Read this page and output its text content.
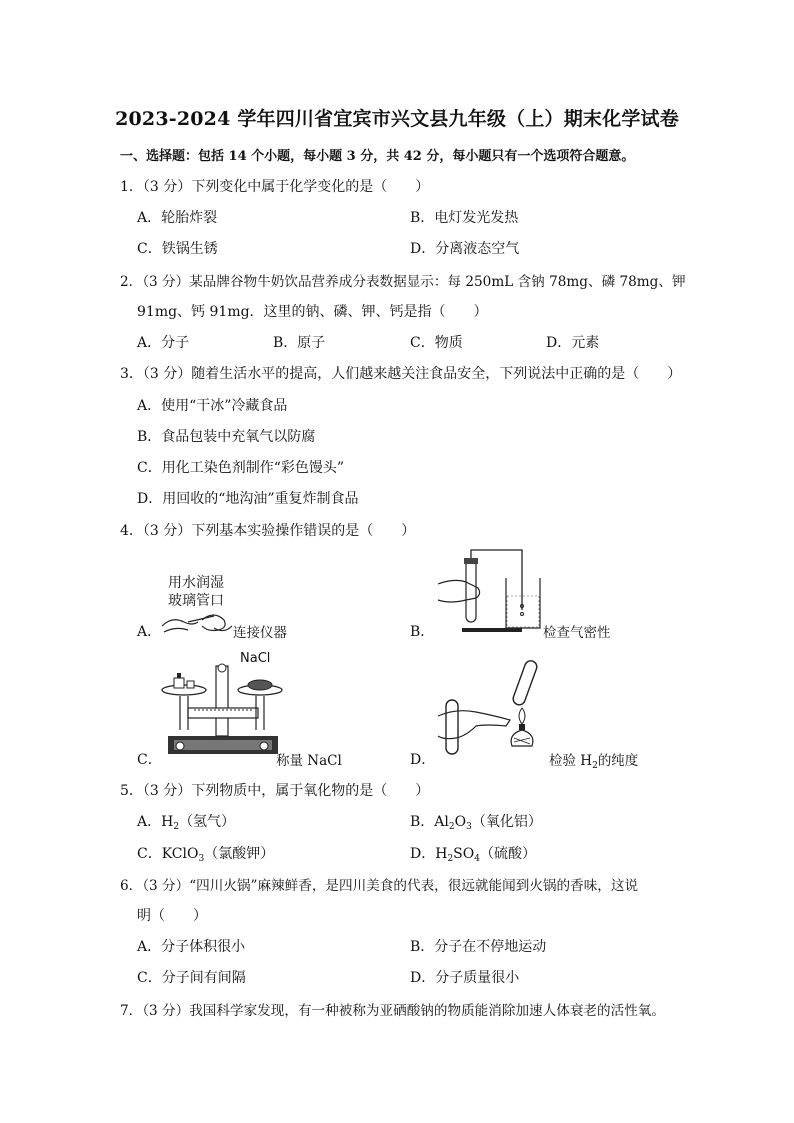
2023-2024 学年四川省宜宾市兴文县九年级（上）期末化学试卷
一、选择题：包括 14 个小题，每小题 3 分，共 42 分，每小题只有一个选项符合题意。
1．（3 分）下列变化中属于化学变化的是（　　）
A．轮胎炸裂	B．电灯发光发热
C．铁锅生锈	D．分离液态空气
2．（3 分）某品牌谷物牛奶饮品营养成分表数据显示：每 250mL 含钠 78mg、磷 78mg、钾
91mg、钙 91mg．这里的钠、磷、钾、钙是指（　　）
A．分子	B．原子	C．物质	D．元素
3．（3 分）随着生活水平的提高，人们越来越关注食品安全，下列说法中正确的是（　　）
A．使用“干冰”冷藏食品
B．食品包装中充氧气以防腐
C．用化工染色剂制作“彩色馒头”
D．用回收的“地沟油”重复炸制食品
4．（3 分）下列基本实验操作错误的是（　　）
A．
用水润湿
玻璃管口
连接仪器	B．	检查气密性
C．
NaCl
称量 NaCl	D．	检验 $H_2$的纯度
5．（3 分）下列物质中，属于氧化物的是（　　）
A．$H_2$（氢气）	B．$Al_2O_3$（氧化铝）
C．KClO$_3$（氯酸钾）	D．$H_2SO_4$（硫酸）
6．（3 分）“四川火锅”麻辣鲜香，是四川美食的代表，很远就能闻到火锅的香味，这说
明（　　）
A．分子体积很小	B．分子在不停地运动
C．分子间有间隔	D．分子质量很小
7．（3 分）我国科学家发现，有一种被称为亚硒酸钠的物质能消除加速人体衰老的活性氧。
